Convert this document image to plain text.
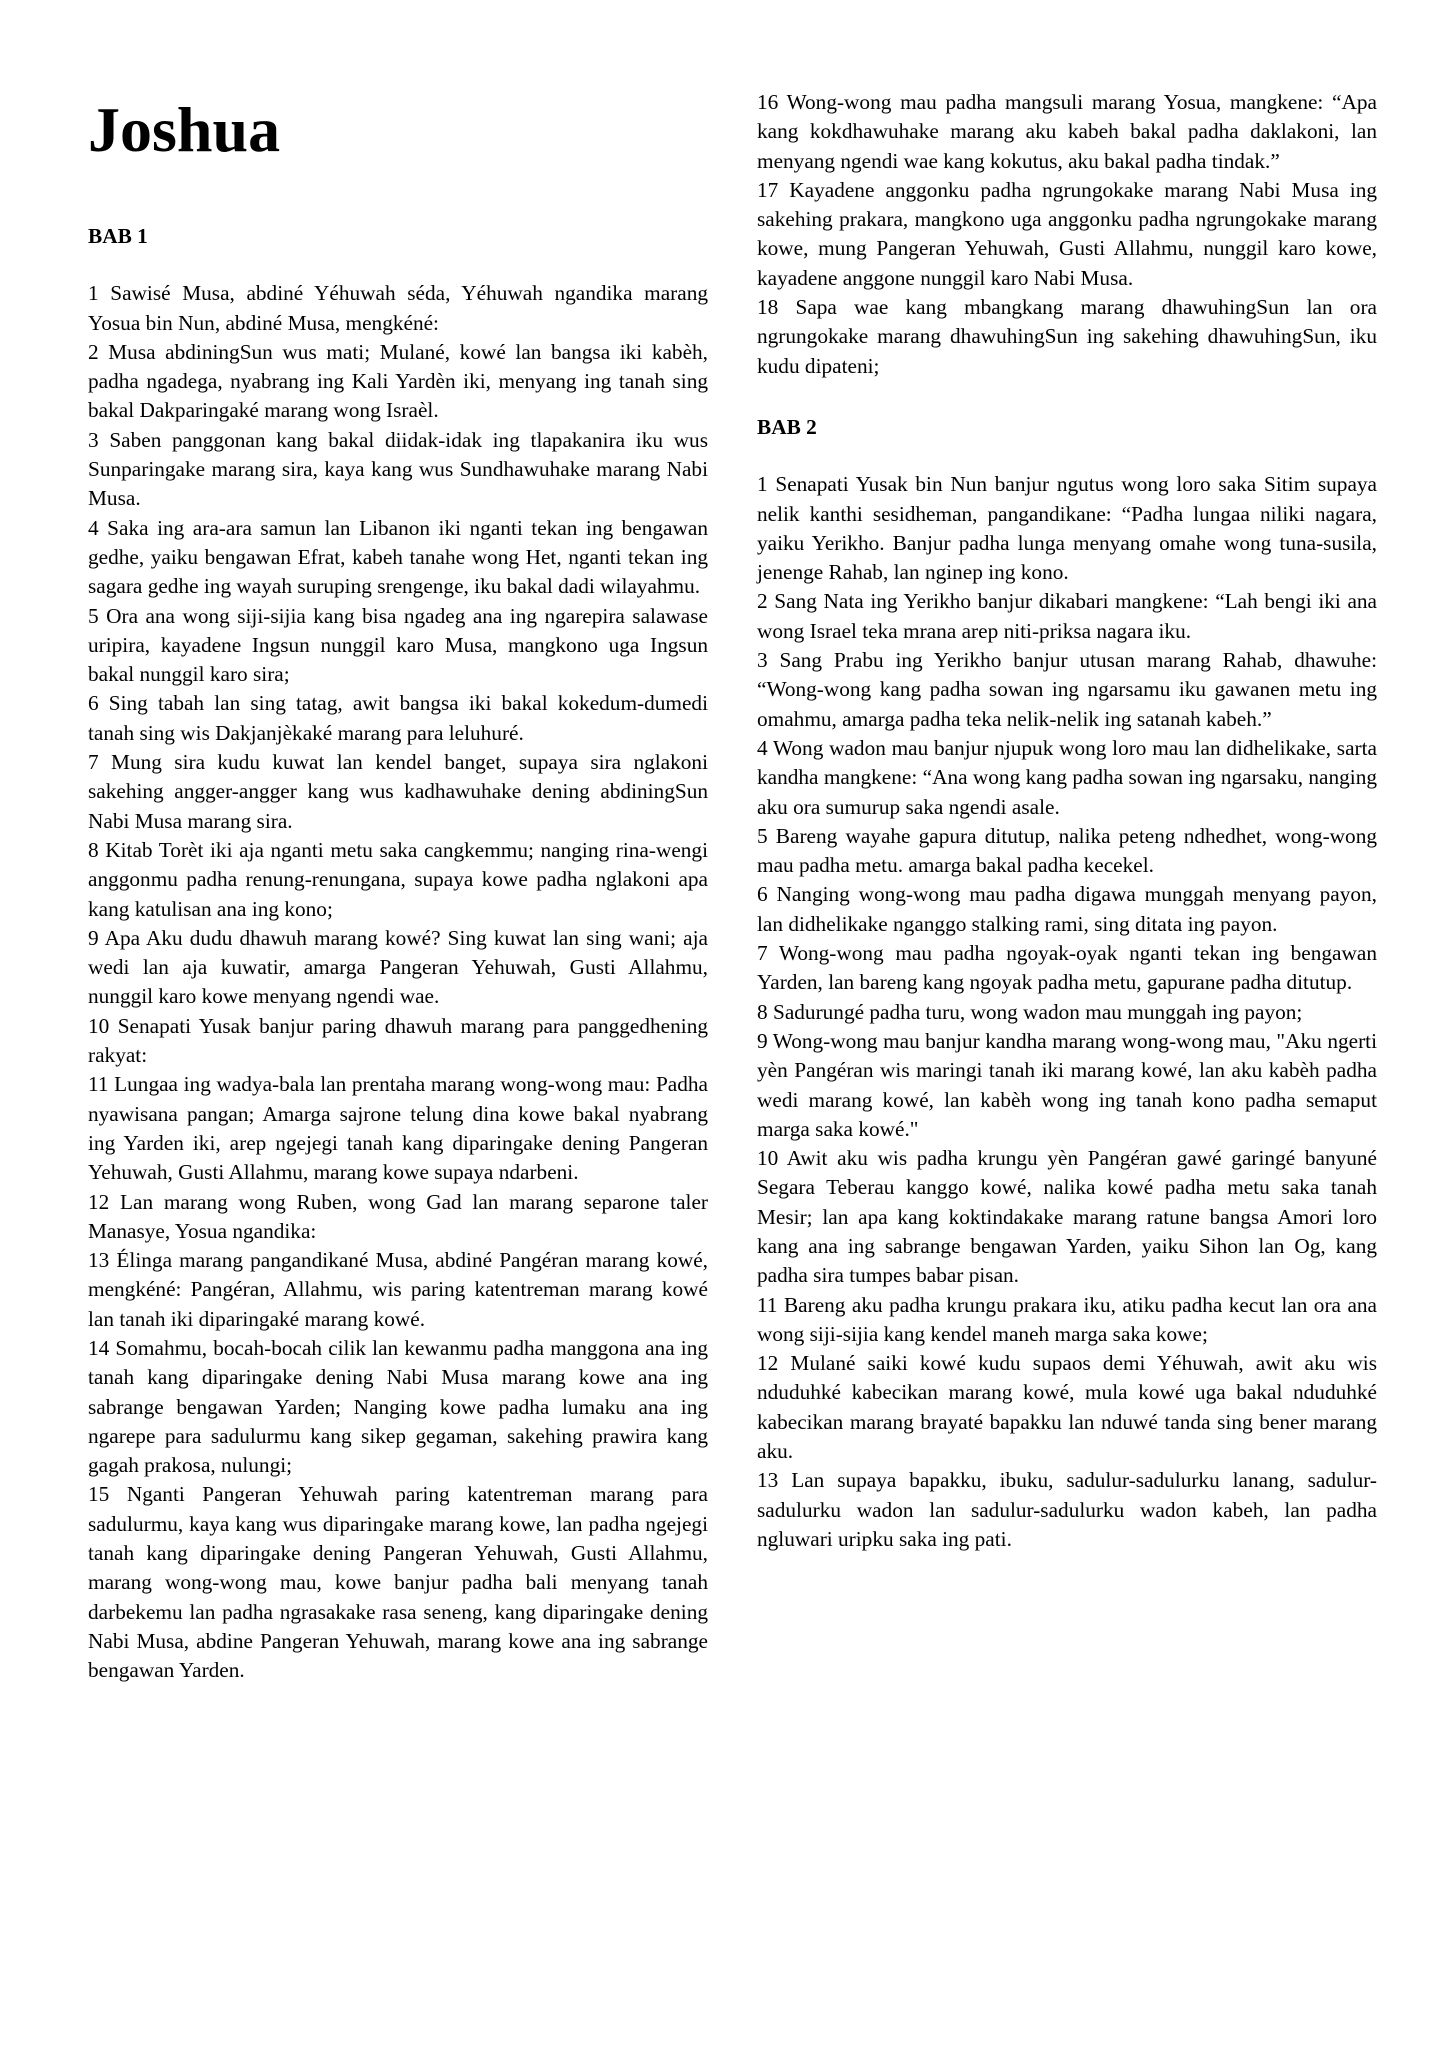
Joshua
BAB 1

1 Sawisé Musa, abdiné Yéhuwah séda, Yéhuwah ngandika marang Yosua bin Nun, abdiné Musa, mengkéné:

2 Musa abdiningSun wus mati; Mulané, kowé lan bangsa iki kabèh, padha ngadega, nyabrang ing Kali Yardèn iki, menyang ing tanah sing bakal Dakparingaké marang wong Israèl.

3 Saben panggonan kang bakal diidak-idak ing tlapakanira iku wus Sunparingake marang sira, kaya kang wus Sundhawuhake marang Nabi Musa.

4 Saka ing ara-ara samun lan Libanon iki nganti tekan ing bengawan gedhe, yaiku bengawan Efrat, kabeh tanahe wong Het, nganti tekan ing sagara gedhe ing wayah suruping srengenge, iku bakal dadi wilayahmu.

5 Ora ana wong siji-sijia kang bisa ngadeg ana ing ngarepira salawase uripira, kayadene Ingsun nunggil karo Musa, mangkono uga Ingsun bakal nunggil karo sira;

6 Sing tabah lan sing tatag, awit bangsa iki bakal kokedum-dumedi tanah sing wis Dakjanjèkaké marang para leluhuré.

7 Mung sira kudu kuwat lan kendel banget, supaya sira nglakoni sakehing angger-angger kang wus kadhawuhake dening abdiningSun Nabi Musa marang sira.

8 Kitab Torèt iki aja nganti metu saka cangkemmu; nanging rina-wengi anggonmu padha renung-renungana, supaya kowe padha nglakoni apa kang katulisan ana ing kono;

9 Apa Aku dudu dhawuh marang kowé? Sing kuwat lan sing wani; aja wedi lan aja kuwatir, amarga Pangeran Yehuwah, Gusti Allahmu, nunggil karo kowe menyang ngendi wae.

10 Senapati Yusak banjur paring dhawuh marang para panggedhening rakyat:

11 Lungaa ing wadya-bala lan prentaha marang wong-wong mau: Padha nyawisana pangan; Amarga sajrone telung dina kowe bakal nyabrang ing Yarden iki, arep ngejegi tanah kang diparingake dening Pangeran Yehuwah, Gusti Allahmu, marang kowe supaya ndarbeni.

12 Lan marang wong Ruben, wong Gad lan marang separone taler Manasye, Yosua ngandika:

13 Élinga marang pangandikané Musa, abdiné Pangéran marang kowé, mengkéné: Pangéran, Allahmu, wis paring katentreman marang kowé lan tanah iki diparingaké marang kowé.

14 Somahmu, bocah-bocah cilik lan kewanmu padha manggona ana ing tanah kang diparingake dening Nabi Musa marang kowe ana ing sabrange bengawan Yarden; Nanging kowe padha lumaku ana ing ngarepe para sadulurmu kang sikep gegaman, sakehing prawira kang gagah prakosa, nulungi;

15 Nganti Pangeran Yehuwah paring katentreman marang para sadulurmu, kaya kang wus diparingake marang kowe, lan padha ngejegi tanah kang diparingake dening Pangeran Yehuwah, Gusti Allahmu, marang wong-wong mau, kowe banjur padha bali menyang tanah darbekemu lan padha ngrasakake rasa seneng, kang diparingake dening Nabi Musa, abdine Pangeran Yehuwah, marang kowe ana ing sabrange bengawan Yarden.

16 Wong-wong mau padha mangsuli marang Yosua, mangkene: “Apa kang kokdhawuhake marang aku kabeh bakal padha daklakoni, lan menyang ngendi wae kang kokutus, aku bakal padha tindak.”

17 Kayadene anggonku padha ngrungokake marang Nabi Musa ing sakehing prakara, mangkono uga anggonku padha ngrungokake marang kowe, mung Pangeran Yehuwah, Gusti Allahmu, nunggil karo kowe, kayadene anggone nunggil karo Nabi Musa.

18 Sapa wae kang mbangkang marang dhawuhingSun lan ora ngrungokake marang dhawuhingSun ing sakehing dhawuhingSun, iku kudu dipateni;

BAB 2

1 Senapati Yusak bin Nun banjur ngutus wong loro saka Sitim supaya nelik kanthi sesidheman, pangandikane: “Padha lungaa niliki nagara, yaiku Yerikho. Banjur padha lunga menyang omahe wong tuna-susila, jenenge Rahab, lan nginep ing kono.

2 Sang Nata ing Yerikho banjur dikabari mangkene: “Lah bengi iki ana wong Israel teka mrana arep niti-priksa nagara iku.

3 Sang Prabu ing Yerikho banjur utusan marang Rahab, dhawuhe: “Wong-wong kang padha sowan ing ngarsamu iku gawanen metu ing omahmu, amarga padha teka nelik-nelik ing satanah kabeh.”

4 Wong wadon mau banjur njupuk wong loro mau lan didhelikake, sarta kandha mangkene: “Ana wong kang padha sowan ing ngarsaku, nanging aku ora sumurup saka ngendi asale.

5 Bareng wayahe gapura ditutup, nalika peteng ndhedhet, wong-wong mau padha metu. amarga bakal padha kecekel.

6 Nanging wong-wong mau padha digawa munggah menyang payon, lan didhelikake nganggo stalking rami, sing ditata ing payon.

7 Wong-wong mau padha ngoyak-oyak nganti tekan ing bengawan Yarden, lan bareng kang ngoyak padha metu, gapurane padha ditutup.

8 Sadurungé padha turu, wong wadon mau munggah ing payon;

9 Wong-wong mau banjur kandha marang wong-wong mau, "Aku ngerti yèn Pangéran wis maringi tanah iki marang kowé, lan aku kabèh padha wedi marang kowé, lan kabèh wong ing tanah kono padha semaput marga saka kowé."

10 Awit aku wis padha krungu yèn Pangéran gawé garingé banyuné Segara Teberau kanggo kowé, nalika kowé padha metu saka tanah Mesir; lan apa kang koktindakake marang ratune bangsa Amori loro kang ana ing sabrange bengawan Yarden, yaiku Sihon lan Og, kang padha sira tumpes babar pisan.

11 Bareng aku padha krungu prakara iku, atiku padha kecut lan ora ana wong siji-sijia kang kendel maneh marga saka kowe;

12 Mulané saiki kowé kudu supaos demi Yéhuwah, awit aku wis nduduhké kabecikan marang kowé, mula kowé uga bakal nduduhké kabecikan marang brayaté bapakku lan nduwé tanda sing bener marang aku.

13 Lan supaya bapakku, ibuku, sadulur-sadulurku lanang, sadulur-sadulurku wadon lan sadulur-sadulurku wadon kabeh, lan padha ngluwari uripku saka ing pati.
